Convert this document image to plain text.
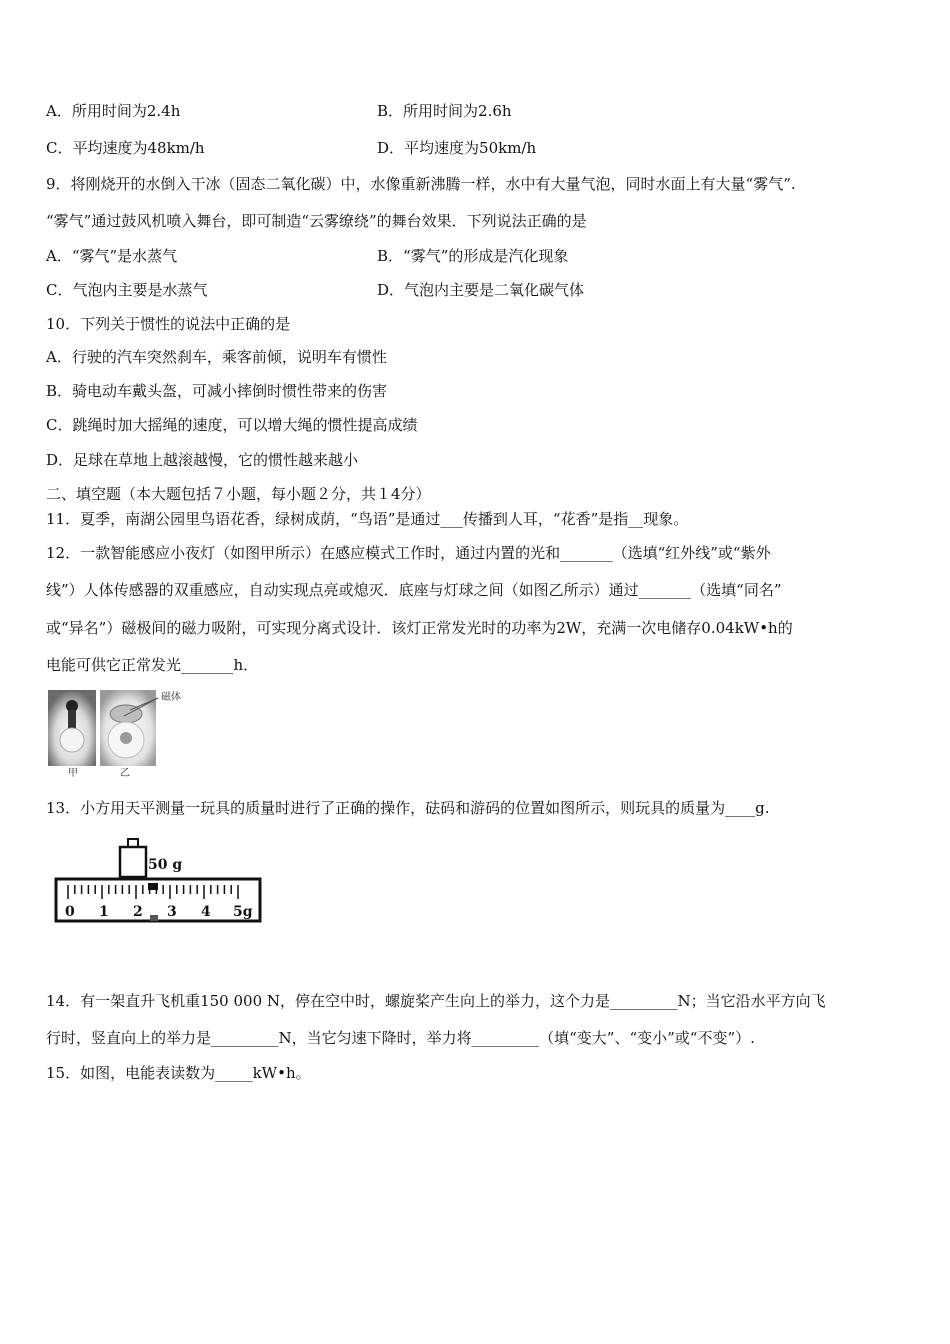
A．所用时间为2.4h	B．所用时间为2.6h
C．平均速度为48km/h	D．平均速度为50km/h
9．将刚烧开的水倒入干冰（固态二氧化碳）中，水像重新沸腾一样，水中有大量气泡，同时水面上有大量“雾气”.
“雾气”通过鼓风机喷入舞台，即可制造“云雾缭绕”的舞台效果．下列说法正确的是
A．“雾气”是水蒸气	B．“雾气”的形成是汽化现象
C．气泡内主要是水蒸气	D．气泡内主要是二氧化碳气体
10．下列关于惯性的说法中正确的是
A．行驶的汽车突然刹车，乘客前倾，说明车有惯性
B．骑电动车戴头盔，可减小摔倒时惯性带来的伤害
C．跳绳时加大摇绳的速度，可以增大绳的惯性提高成绩
D．足球在草地上越滚越慢，它的惯性越来越小
二、填空题（本大题包括７小题，每小题２分，共１4分）
11．夏季，南湖公园里鸟语花香，绿树成荫，“鸟语”是通过___传播到人耳，“花香”是指__现象。
12．一款智能感应小夜灯（如图甲所示）在感应模式工作时，通过内置的光和_______（选填“红外线”或“紫外
线”）人体传感器的双重感应，自动实现点亮或熄灭．底座与灯球之间（如图乙所示）通过_______（选填“同名”
或“异名”）磁极间的磁力吸附，可实现分离式设计．该灯正常发光时的功率为2W，充满一次电储存0.04kW•h的
电能可供它正常发光_______h．
磁体
甲	乙
13．小方用天平测量一玩具的质量时进行了正确的操作，砝码和游码的位置如图所示，则玩具的质量为____g.
50 g
0 1 2 3 4 5g
14．有一架直升飞机重150 000 N，停在空中时，螺旋桨产生向上的举力，这个力是_________N；当它沿水平方向飞
行时，竖直向上的举力是_________N，当它匀速下降时，举力将_________（填“变大”、“变小”或“不变”）.
15．如图，电能表读数为_____kW•h。
